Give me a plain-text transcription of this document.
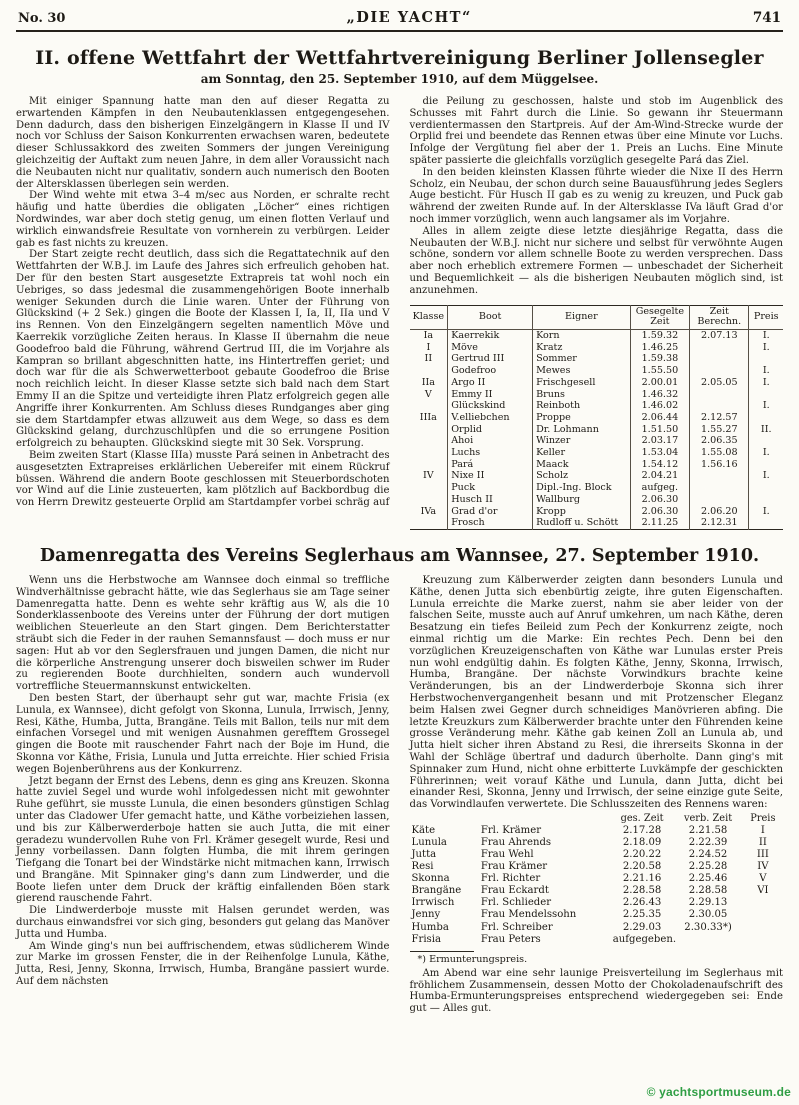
No. 30	„DIE YACHT“	741
II. offene Wettfahrt der Wettfahrtvereinigung Berliner Jollensegler
am Sonntag, den 25. September 1910, auf dem Müggelsee.

Mit einiger Spannung hatte man den auf dieser Regatta zu erwartenden Kämpfen in den Neubautenklassen entgegengesehen. Denn dadurch, dass den bisherigen Einzelgängern in Klasse II und IV noch vor Schluss der Saison Konkurrenten erwachsen waren, bedeutete dieser Schlussakkord des zweiten Sommers der jungen Vereinigung gleichzeitig der Auftakt zum neuen Jahre, in dem aller Voraussicht nach die Neubauten nicht nur qualitativ, sondern auch numerisch den Booten der Altersklassen überlegen sein werden.

Der Wind wehte mit etwa 3–4 m/sec aus Norden, er schralte recht häufig und hatte überdies die obligaten „Löcher“ eines richtigen Nordwindes, war aber doch stetig genug, um einen flotten Verlauf und wirklich einwandsfreie Resultate von vornherein zu verbürgen. Leider gab es fast nichts zu kreuzen.

Der Start zeigte recht deutlich, dass sich die Regattatechnik auf den Wettfahrten der W.B.J. im Laufe des Jahres sich erfreulich gehoben hat. Der für den besten Start ausgesetzte Extrapreis tat wohl noch ein Uebriges, so dass jedesmal die zusammengehörigen Boote innerhalb weniger Sekunden durch die Linie waren. Unter der Führung von Glückskind (+ 2 Sek.) gingen die Boote der Klassen I, Ia, II, IIa und V ins Rennen. Von den Einzelgängern segelten namentlich Möve und Kaerrekik vorzügliche Zeiten heraus. In Klasse II übernahm die neue Goodefroo bald die Führung, während Gertrud III, die im Vorjahre als Kampran so brillant abgeschnitten hatte, ins Hintertreffen geriet; und doch war für die als Schwerwetterboot gebaute Goodefroo die Brise noch reichlich leicht. In dieser Klasse setzte sich bald nach dem Start Emmy II an die Spitze und verteidigte ihren Platz erfolgreich gegen alle Angriffe ihrer Konkurrenten. Am Schluss dieses Rundganges aber ging sie dem Startdampfer etwas allzuweit aus dem Wege, so dass es dem Glückskind gelang, durchzuschlüpfen und die so errungene Position erfolgreich zu behaupten. Glückskind siegte mit 30 Sek. Vorsprung.

Beim zweiten Start (Klasse IIIa) musste Pará seinen in Anbetracht des ausgesetzten Extrapreises erklärlichen Uebereifer mit einem Rückruf büssen. Während die andern Boote geschlossen mit Steuerbordschoten vor Wind auf die Linie zusteuerten, kam plötzlich auf Backbordbug die von Herrn Drewitz gesteuerte Orplid am Startdampfer vorbei schräg auf

die Peilung zu geschossen, halste und stob im Augenblick des Schusses mit Fahrt durch die Linie. So gewann ihr Steuermann verdientermassen den Startpreis. Auf der Am-Wind-Strecke wurde der Orplid frei und beendete das Rennen etwas über eine Minute vor Luchs. Infolge der Vergütung fiel aber der 1. Preis an Luchs. Eine Minute später passierte die gleichfalls vorzüglich gesegelte Pará das Ziel.

In den beiden kleinsten Klassen führte wieder die Nixe II des Herrn Scholz, ein Neubau, der schon durch seine Bauausführung jedes Seglers Auge besticht. Für Husch II gab es zu wenig zu kreuzen, und Puck gab während der zweiten Runde auf. In der Altersklasse IVa läuft Grad d'or noch immer vorzüglich, wenn auch langsamer als im Vorjahre.

Alles in allem zeigte diese letzte diesjährige Regatta, dass die Neubauten der W.B.J. nicht nur sichere und selbst für verwöhnte Augen schöne, sondern vor allem schnelle Boote zu werden versprechen. Dass aber noch erheblich extremere Formen — unbeschadet der Sicherheit und Bequemlichkeit — als die bisherigen Neubauten möglich sind, ist anzunehmen.

Klasse	Boot	Eigner	Gesegelte Zeit	Zeit Berechn.	Preis
Ia	Kaerrekik	Korn	1.59.32	2.07.13	I.
I	Möve	Kratz	1.46.25		I.
II	Gertrud III	Sommer	1.59.38		
	Godefroo	Mewes	1.55.50		I.
IIa	Argo II	Frischgesell	2.00.01	2.05.05	I.
V	Emmy II	Bruns	1.46.32		
	Glückskind	Reinboth	1.46.02		I.
IIIa	V.elliebchen	Proppe	2.06.44	2.12.57	
	Orplid	Dr. Lohmann	1.51.50	1.55.27	II.
	Ahoi	Winzer	2.03.17	2.06.35	
	Luchs	Keller	1.53.04	1.55.08	I.
	Pará	Maack	1.54.12	1.56.16	
IV	Nixe II	Scholz	2.04.21		I.
	Puck	Dipl.-Ing. Block	aufgeg.		
	Husch II	Wallburg	2.06.30		
IVa	Grad d'or	Kropp	2.06.30	2.06.20	I.
	Frosch	Rudloff u. Schött	2.11.25	2.12.31	
Damenregatta des Vereins Seglerhaus am Wannsee, 27. September 1910.

Wenn uns die Herbstwoche am Wannsee doch einmal so treffliche Windverhältnisse gebracht hätte, wie das Seglerhaus sie am Tage seiner Damenregatta hatte. Denn es wehte sehr kräftig aus W, als die 10 Sonderklassenboote des Vereins unter der Führung der dort mutigen weiblichen Steuerleute an den Start gingen. Dem Berichterstatter sträubt sich die Feder in der rauhen Semannsfaust — doch muss er nur sagen: Hut ab vor den Seglersfrauen und jungen Damen, die nicht nur die körperliche Anstrengung unserer doch bisweilen schwer im Ruder zu regierenden Boote durchhielten, sondern auch wundervoll vortreffliche Steuermannskunst entwickelten.

Den besten Start, der überhaupt sehr gut war, machte Frisia (ex Lunula, ex Wannsee), dicht gefolgt von Skonna, Lunula, Irrwisch, Jenny, Resi, Käthe, Humba, Jutta, Brangäne. Teils mit Ballon, teils nur mit dem einfachen Vorsegel und mit wenigen Ausnahmen gerefftem Grossegel gingen die Boote mit rauschender Fahrt nach der Boje im Hund, die Skonna vor Käthe, Frisia, Lunula und Jutta erreichte. Hier schied Frisia wegen Bojenberührens aus der Konkurrenz.

Jetzt begann der Ernst des Lebens, denn es ging ans Kreuzen. Skonna hatte zuviel Segel und wurde wohl infolgedessen nicht mit gewohnter Ruhe geführt, sie musste Lunula, die einen besonders günstigen Schlag unter das Cladower Ufer gemacht hatte, und Käthe vorbeiziehen lassen, und bis zur Kälberwerderboje hatten sie auch Jutta, die mit einer geradezu wundervollen Ruhe von Frl. Krämer gesegelt wurde, Resi und Jenny vorbeilassen. Dann folgten Humba, die mit ihrem geringen Tiefgang die Tonart bei der Windstärke nicht mitmachen kann, Irrwisch und Brangäne. Mit Spinnaker ging's dann zum Lindwerder, und die Boote liefen unter dem Druck der kräftig einfallenden Böen stark gierend rauschende Fahrt.

Die Lindwerderboje musste mit Halsen gerundet werden, was durchaus einwandsfrei vor sich ging, besonders gut gelang das Manöver Jutta und Humba.

Am Winde ging's nun bei auffrischendem, etwas südlicherem Winde zur Marke im grossen Fenster, die in der Reihenfolge Lunula, Käthe, Jutta, Resi, Jenny, Skonna, Irrwisch, Humba, Brangäne passiert wurde. Auf dem nächsten

Kreuzung zum Kälberwerder zeigten dann besonders Lunula und Käthe, denen Jutta sich ebenbürtig zeigte, ihre guten Eigenschaften. Lunula erreichte die Marke zuerst, nahm sie aber leider von der falschen Seite, musste auch auf Anruf umkehren, um nach Käthe, deren Besatzung ein tiefes Beileid zum Pech der Konkurrenz zeigte, noch einmal richtig um die Marke: Ein rechtes Pech. Denn bei den vorzüglichen Kreuzeigenschaften von Käthe war Lunulas erster Preis nun wohl endgültig dahin. Es folgten Käthe, Jenny, Skonna, Irrwisch, Humba, Brangäne. Der nächste Vorwindkurs brachte keine Veränderungen, bis an der Lindwerderboje Skonna sich ihrer Herbstwochenvergangenheit besann und mit Protzenscher Eleganz beim Halsen zwei Gegner durch schneidiges Manövrieren abfing. Die letzte Kreuzkurs zum Kälberwerder brachte unter den Führenden keine grosse Veränderung mehr. Käthe gab keinen Zoll an Lunula ab, und Jutta hielt sicher ihren Abstand zu Resi, die ihrerseits Skonna in der Wahl der Schläge übertraf und dadurch überholte. Dann ging's mit Spinnaker zum Hund, nicht ohne erbitterte Luvkämpfe der geschickten Führerinnen; weit vorauf Käthe und Lunula, dann Jutta, dicht bei einander Resi, Skonna, Jenny und Irrwisch, der seine einzige gute Seite, das Vorwindlaufen verwertete. Die Schlusszeiten des Rennens waren:

		ges. Zeit	verb. Zeit	Preis
Käte	Frl. Krämer	2.17.28	2.21.58	I
Lunula	Frau Ahrends	2.18.09	2.22.39	II
Jutta	Frau Wehl	2.20.22	2.24.52	III
Resi	Frau Krämer	2.20.58	2.25.28	IV
Skonna	Frl. Richter	2.21.16	2.25.46	V
Brangäne	Frau Eckardt	2.28.58	2.28.58	VI
Irrwisch	Frl. Schlieder	2.26.43	2.29.13	
Jenny	Frau Mendelssohn	2.25.35	2.30.05	
Humba	Frl. Schreiber	2.29.03	2.30.33*)	
Frisia	Frau Peters	aufgegeben.		

*) Ermunterungspreis.

Am Abend war eine sehr launige Preisverteilung im Seglerhaus mit fröhlichem Zusammensein, dessen Motto der Chokoladenaufschrift des Humba-Ermunterungspreises entsprechend wiedergegeben sei: Ende gut — Alles gut.

© yachtsportmuseum.de
